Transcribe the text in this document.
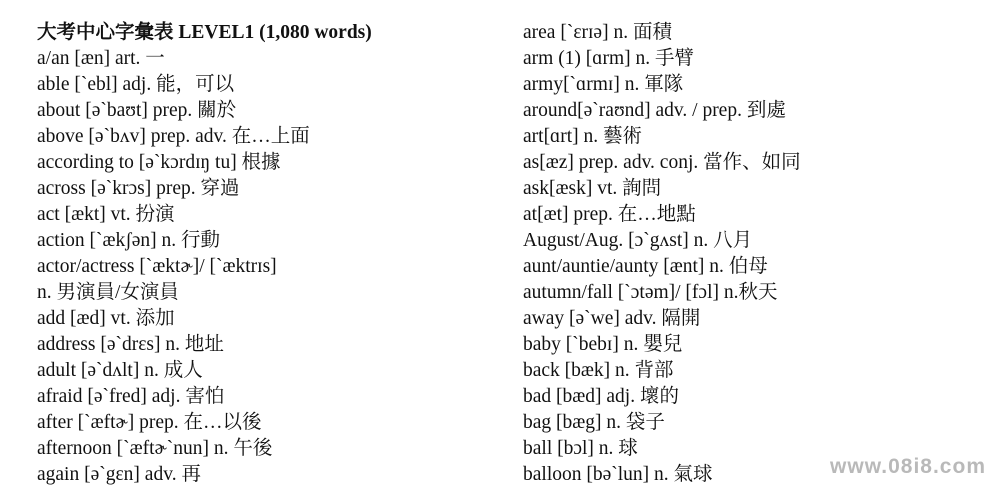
大考中心字彙表 LEVEL1 (1,080 words)
a/an [æn] art. 一
able [`ebl] adj. 能，可以
about [ə`baʊt] prep. 關於
above [ə`bʌv] prep. adv. 在…上面
according to [ə`kɔrdɪŋ tu] 根據
across [ə`krɔs] prep. 穿過
act [ækt] vt. 扮演
action [`ækʃən] n. 行動
actor/actress [`æktɚ]/ [`æktrɪs]
n. 男演員/女演員
add [æd] vt. 添加
address [ə`drɛs] n. 地址
adult [ə`dʌlt] n. 成人
afraid [ə`fred] adj. 害怕
after [`æftɚ] prep. 在…以後
afternoon [`æftɚ`nun] n. 午後
again [ə`gɛn] adv. 再
area [`ɛrɪə] n. 面積
arm (1) [ɑrm] n. 手臂
army[`ɑrmɪ] n. 軍隊
around[ə`raʊnd] adv. / prep. 到處
art[ɑrt] n. 藝術
as[æz] prep. adv. conj. 當作、如同
ask[æsk] vt. 詢問
at[æt] prep. 在…地點
August/Aug. [ɔ`gʌst] n. 八月
aunt/auntie/aunty [ænt] n. 伯母
autumn/fall [`ɔtəm]/ [fɔl] n.秋天
away [ə`we] adv. 隔開
baby [`bebɪ] n. 嬰兒
back [bæk] n. 背部
bad [bæd] adj. 壞的
bag [bæg] n. 袋子
ball [bɔl] n. 球
balloon [bə`lun] n. 氣球	www.08i8.com
